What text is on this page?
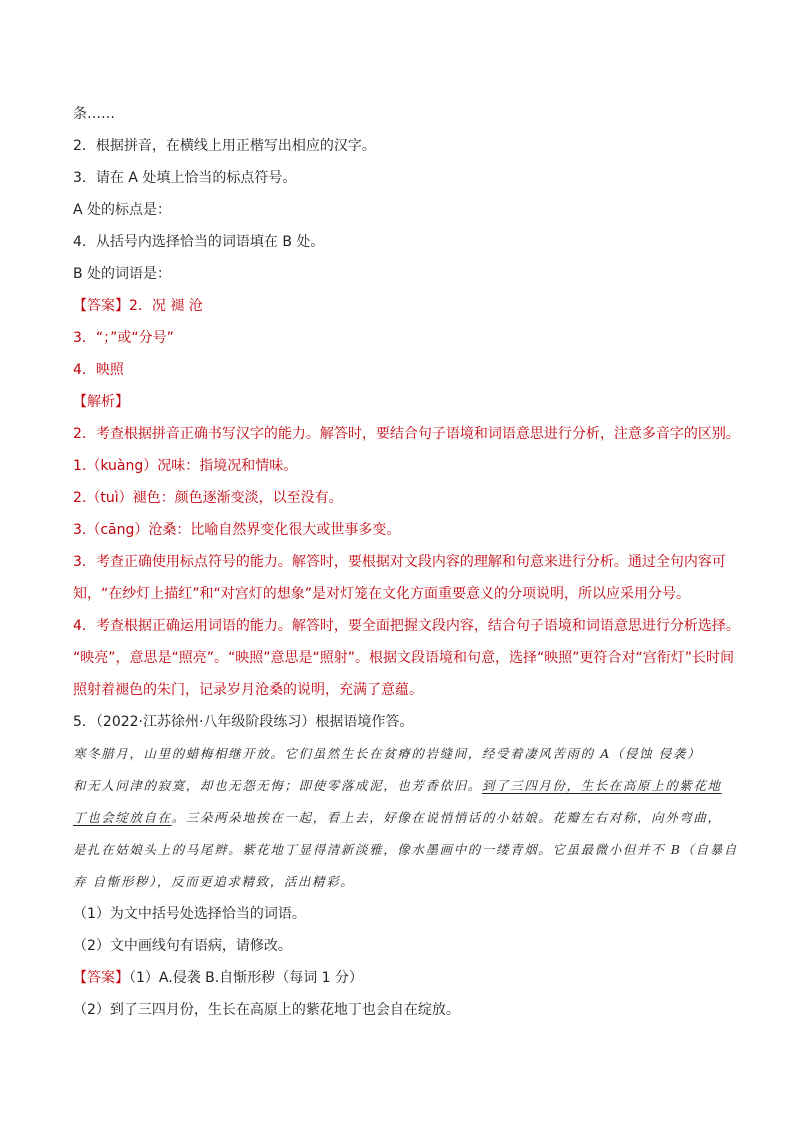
条……
2．根据拼音，在横线上用正楷写出相应的汉字。
3．请在 A 处填上恰当的标点符号。
A 处的标点是：
4．从括号内选择恰当的词语填在 B 处。
B 处的词语是：
【答案】2．况 褪 沧
3．“；”或“分号”
4．映照
【解析】
2．考查根据拼音正确书写汉字的能力。解答时，要结合句子语境和词语意思进行分析，注意多音字的区别。
1.（kuàng）况味：指境况和情味。
2.（tuì）褪色：颜色逐渐变淡，以至没有。
3.（cāng）沧桑：比喻自然界变化很大或世事多变。
3．考查正确使用标点符号的能力。解答时，要根据对文段内容的理解和句意来进行分析。通过全句内容可
知，“在纱灯上描红”和“对宫灯的想象”是对灯笼在文化方面重要意义的分项说明，所以应采用分号。
4．考查根据正确运用词语的能力。解答时，要全面把握文段内容，结合句子语境和词语意思进行分析选择。
“映亮”，意思是“照亮”。“映照”意思是“照射”。根据文段语境和句意，选择“映照”更符合对“宫衔灯”长时间
照射着褪色的朱门，记录岁月沧桑的说明，充满了意蕴。
5．（2022·江苏徐州·八年级阶段练习）根据语境作答。
寒冬腊月，山里的蜡梅相继开放。它们虽然生长在贫瘠的岩缝间，经受着凄风苦雨的 A（侵蚀 侵袭）
和无人问津的寂寞，却也无怨无悔；即使零落成泥，也芳香依旧。到了三四月份，生长在高原上的紫花地
丁也会绽放自在。三朵两朵地挨在一起，看上去，好像在说悄悄话的小姑娘。花瓣左右对称，向外弯曲，
是扎在姑娘头上的马尾辫。紫花地丁显得清新淡雅，像水墨画中的一缕青烟。它虽最微小但并不 B（自暴自
弃 自惭形秽），反而更追求精致，活出精彩。
（1）为文中括号处选择恰当的词语。
（2）文中画线句有语病，请修改。
【答案】（1）A.侵袭 B.自惭形秽（每词 1 分）
（2）到了三四月份，生长在高原上的紫花地丁也会自在绽放。
